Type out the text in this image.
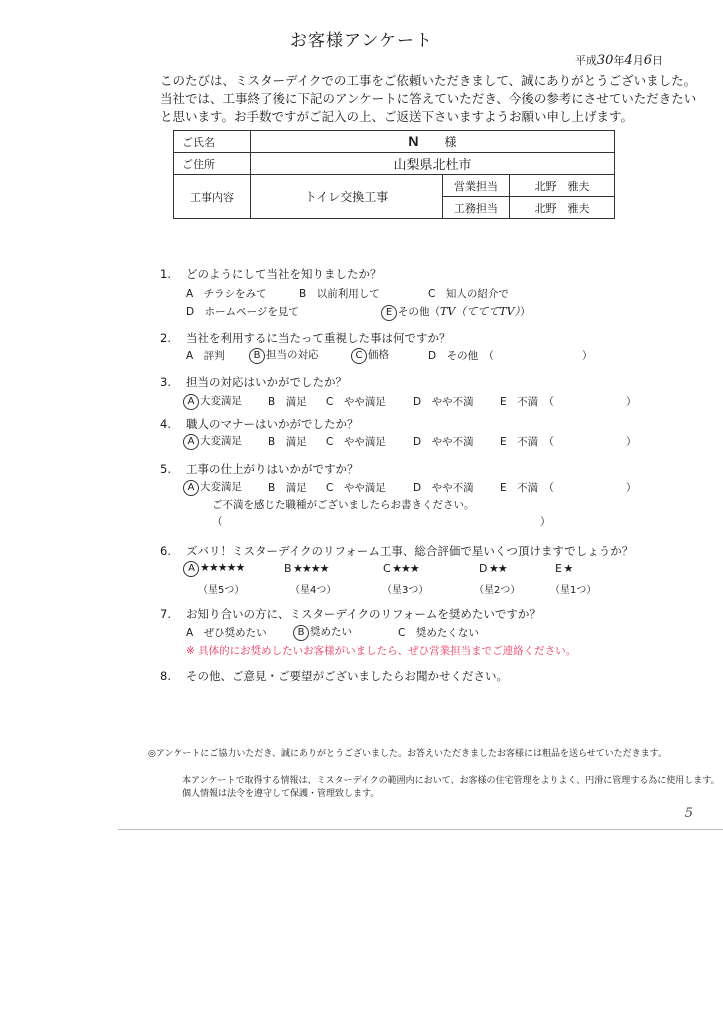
お客様アンケート
平成30年4月6日
このたびは、ミスターデイクでの工事をご依頼いただきまして、誠にありがとうございました。
当社では、工事終了後に下記のアンケートに答えていただき、今後の参考にさせていただきたい
と思います。お手数ですがご記入の上、ご返送下さいますようお願い申し上げます。
ご氏名	N 様		
ご住所	山梨県北杜市		
工事内容	トイレ交換工事	営業担当	北野　雅夫
		工務担当	北野　雅夫
1. どのようにして当社を知りましたか？
A　チラシをみて	B　以前利用して	C　知人の紹介で
D　ホームページを見て	E その他（TV（てててTV））
2. 当社を利用するに当たって重視した事は何ですか？
A　評判	B 担当の対応	C 価格	D　その他　（	）
3. 担当の対応はいかがでしたか？
A 大変満足 B　満足 C　やや満足	D　やや不満	E　不満　（	）
4. 職人のマナーはいかがでしたか？
A 大変満足 B　満足 C　やや満足	D　やや不満	E　不満　（	）
5. 工事の仕上がりはいかがですか？
A 大変満足 B　満足 C　やや満足	D　やや不満	E　不満　（	）
ご不満を感じた職種がございましたらお書きください。
（	）
6. ズバリ！ミスターデイクのリフォーム工事、総合評価で星いくつ頂けますでしょうか？
A ★★★★★	B ★★★★	C ★★★	D ★★	E ★
（星5つ）	（星4つ）	（星3つ）	（星2つ）	（星1つ）
7. お知り合いの方に、ミスターデイクのリフォームを奨めたいですか？
A　ぜひ奨めたい	B 奨めたい	C　奨めたくない
※ 具体的にお奨めしたいお客様がいましたら、ぜひ営業担当までご連絡ください。
8. その他、ご意見・ご要望がございましたらお聞かせください。
◎アンケートにご協力いただき、誠にありがとうございました。お答えいただきましたお客様には粗品を送らせていただきます。
本アンケートで取得する情報は、ミスターデイクの範囲内において、お客様の住宅管理をよりよく、円滑に管理する為に使用します。
個人情報は法令を遵守して保護・管理致します。
5
